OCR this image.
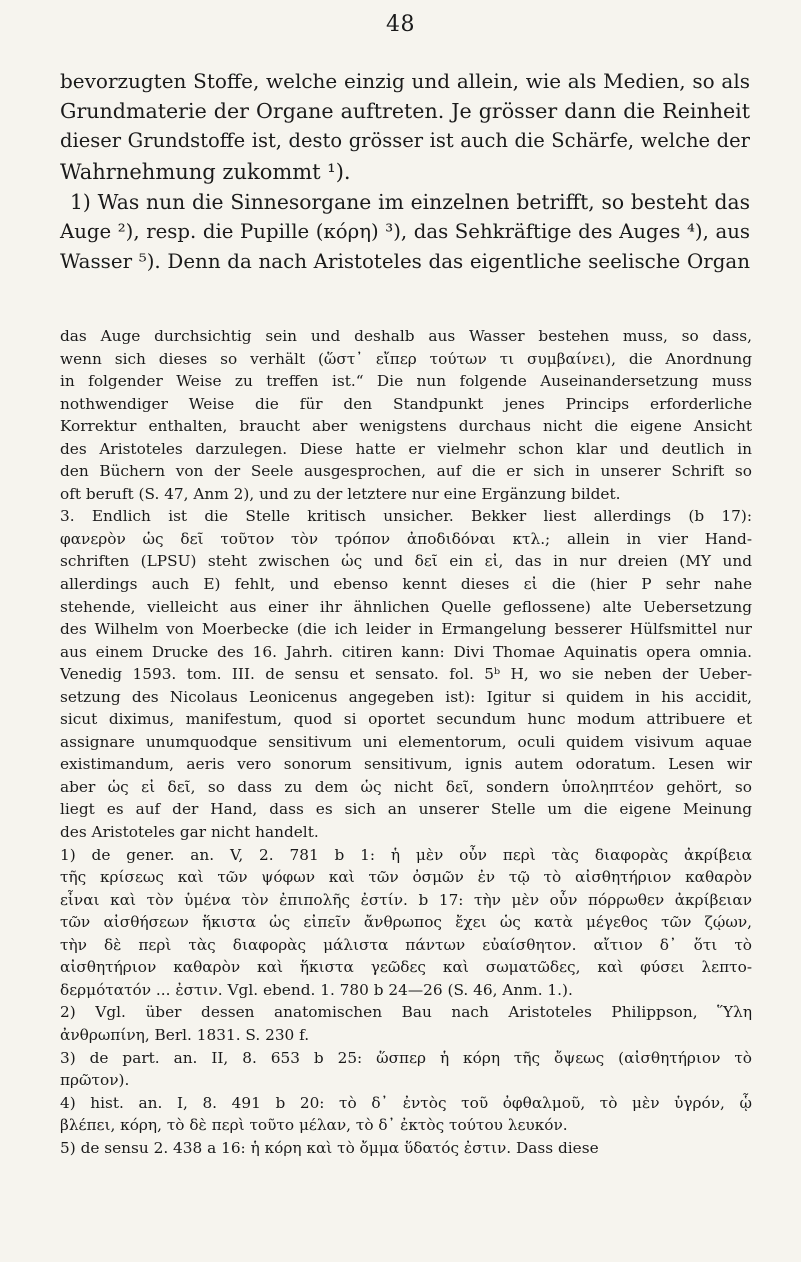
48
bevorzugten Stoffe, welche einzig und allein, wie als Medien, so als
Grundmaterie der Organe auftreten. Je grösser dann die Reinheit
dieser Grundstoffe ist, desto grösser ist auch die Schärfe, welche der
Wahrnehmung zukommt ¹).
1) Was nun die Sinnesorgane im einzelnen betrifft, so besteht das
Auge ²), resp. die Pupille (κόρη) ³), das Sehkräftige des Auges ⁴), aus
Wasser ⁵). Denn da nach Aristoteles das eigentliche seelische Organ
das Auge durchsichtig sein und deshalb aus Wasser bestehen muss, so dass,
wenn sich dieses so verhält (ὥστ᾽ εἴπερ τούτων τι συμβαίνει), die Anordnung
in folgender Weise zu treffen ist.“ Die nun folgende Auseinandersetzung muss
nothwendiger Weise die für den Standpunkt jenes Princips erforderliche
Korrektur enthalten, braucht aber wenigstens durchaus nicht die eigene Ansicht
des Aristoteles darzulegen. Diese hatte er vielmehr schon klar und deutlich in
den Büchern von der Seele ausgesprochen, auf die er sich in unserer Schrift so
oft beruft (S. 47, Anm 2), und zu der letztere nur eine Ergänzung bildet.
3. Endlich ist die Stelle kritisch unsicher. Bekker liest allerdings (b 17):
φανερὸν ὡς δεῖ τοῦτον τὸν τρόπον ἀποδιδόναι κτλ.; allein in vier Hand-
schriften (LPSU) steht zwischen ὡς und δεῖ ein εἰ, das in nur dreien (MY und
allerdings auch E) fehlt, und ebenso kennt dieses εἰ die (hier P sehr nahe
stehende, vielleicht aus einer ihr ähnlichen Quelle geflossene) alte Uebersetzung
des Wilhelm von Moerbecke (die ich leider in Ermangelung besserer Hülfsmittel nur
aus einem Drucke des 16. Jahrh. citiren kann: Divi Thomae Aquinatis opera omnia.
Venedig 1593. tom. III. de sensu et sensato. fol. 5ᵇ H, wo sie neben der Ueber-
setzung des Nicolaus Leonicenus angegeben ist): Igitur si quidem in his accidit,
sicut diximus, manifestum, quod si oportet secundum hunc modum attribuere et
assignare unumquodque sensitivum uni elementorum, oculi quidem visivum aquae
existimandum, aeris vero sonorum sensitivum, ignis autem odoratum. Lesen wir
aber ὡς εἰ δεῖ, so dass zu dem ὡς nicht δεῖ, sondern ὑποληπτέον gehört, so
liegt es auf der Hand, dass es sich an unserer Stelle um die eigene Meinung
des Aristoteles gar nicht handelt.
1) de gener. an. V, 2. 781 b 1: ἡ μὲν οὖν περὶ τὰς διαφορὰς ἀκρίβεια
τῆς κρίσεως καὶ τῶν ψόφων καὶ τῶν ὀσμῶν ἐν τῷ τὸ αἰσθητήριον καθαρὸν
εἶναι καὶ τὸν ὑμένα τὸν ἐπιπολῆς ἐστίν. b 17: τὴν μὲν οὖν πόρρωθεν ἀκρίβειαν
τῶν αἰσθήσεων ἥκιστα ὡς εἰπεῖν ἄνθρωπος ἔχει ὡς κατὰ μέγεθος τῶν ζῴων,
τὴν δὲ περὶ τὰς διαφορὰς μάλιστα πάντων εὐαίσθητον. αἴτιον δ᾽ ὅτι τὸ
αἰσθητήριον καθαρὸν καὶ ἥκιστα γεῶδες καὶ σωματῶδες, καὶ φύσει λεπτο-
δερμότατόν ... ἐστιν. Vgl. ebend. 1. 780 b 24—26 (S. 46, Anm. 1.).
2) Vgl. über dessen anatomischen Bau nach Aristoteles Philippson, Ὕλη
ἀνθρωπίνη, Berl. 1831. S. 230 f.
3) de part. an. II, 8. 653 b 25: ὥσπερ ἡ κόρη τῆς ὄψεως (αἰσθητήριον τὸ
πρῶτον).
4) hist. an. I, 8. 491 b 20: τὸ δ᾽ ἐντὸς τοῦ ὀφθαλμοῦ, τὸ μὲν ὑγρόν, ᾧ
βλέπει, κόρη, τὸ δὲ περὶ τοῦτο μέλαν, τὸ δ᾽ ἐκτὸς τούτου λευκόν.
5) de sensu 2. 438 a 16: ἡ κόρη καὶ τὸ ὄμμα ὕδατός ἐστιν. Dass diese
